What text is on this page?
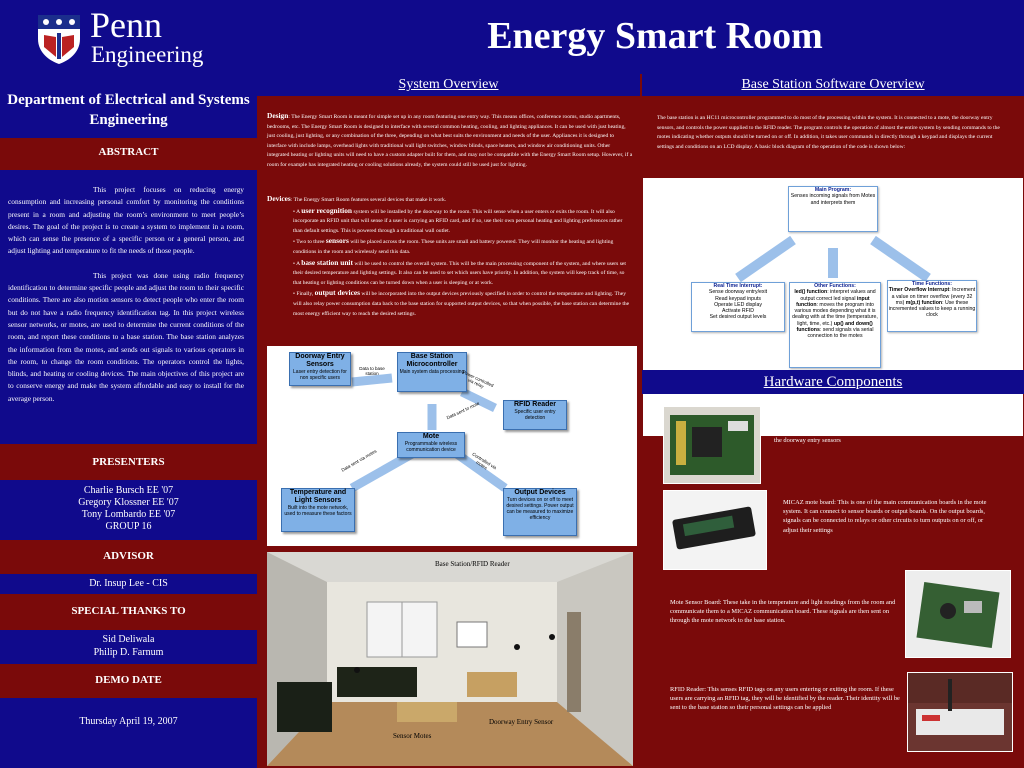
Penn
Engineering	Energy Smart Room
Department of Electrical and Systems Engineering
ABSTRACT

This project focuses on reducing energy consumption and increasing personal comfort by monitoring the conditions present in a room and adjusting the room’s environment to meet people’s desires. The goal of the project is to create a system to implement in a room, which can sense the presence of a specific person or a general person, and adjust lighting and temperature to fit the needs of those people.

This project was done using radio frequency identification to determine specific people and adjust the room to their specific conditions. There are also motion sensors to detect people who enter the room but do not have a radio frequency identification tag. In this project wireless sensor networks, or motes, are used to determine the current conditions of the room, and report these conditions to a base station. The base station analyzes the information from the motes, and sends out signals to various operators in the room, to change the room conditions. The operators control the lights, blinds, and heating or cooling devices. The main objectives of this project are to conserve energy and make the system affordable and easy to install for the average person.

PRESENTERS
Charlie Bursch EE '07
Gregory Klossner EE '07
Tony Lombardo EE '07
GROUP 16
ADVISOR
Dr. Insup Lee - CIS
SPECIAL THANKS TO
Sid Deliwala
Philip D. Farnum
DEMO DATE
Thursday April 19, 2007
System Overview
Design: The Energy Smart Room is meant for simple set up in any room featuring one entry way. This means offices, conference rooms, studio apartments, bedrooms, etc. The Energy Smart Room is designed to interface with several common heating, cooling, and lighting appliances. It can be used with just heating, just cooling, just lighting, or any combination of the three, depending on what best suits the environment and needs of the user. Appliances it is designed to interface with include lamps, overhead lights with traditional wall light switches, window blinds, space heaters, and window air conditioning units. Other integrated heating or lighting units will need to have a custom adapter built for them, and may not be compatible with the Energy Smart Room setup. However, if a room for example has integrated heating or cooling solutions already, the system could still be used just for lighting.
Devices: The Energy Smart Room features several devices that make it work.

• A user recognition system will be installed by the doorway to the room. This will sense when a user enters or exits the room. It will also incorporate an RFID unit that will sense if a user is carrying an RFID card, and if so, use their own personal heating and lighting preferences rather than default settings. This is powered through a traditional wall outlet.

• Two to three sensors will be placed across the room. These units are small and battery powered. They will monitor the heating and lighting conditions in the room and wirelessly send this data.

• A base station unit will be used to control the overall system. This will be the main processing component of the system, and where users set their desired temperature and lighting settings. It also can be used to set which users have priority. In addition, the system will keep track of time, so that heating or lighting conditions can be turned down when a user is sleeping or at work.

• Finally, output devices will be incorporated into the output devices previously specified in order to control the temperature and lighting. They will also relay power consumption data back to the base station for supported output devices, so that when possible, the base station can determine the most energy efficient way to reach the desired settings.

Doorway Entry Sensors
Laser entry detection for non specific users
Data to base station
Base Station Microcontroller
Main system data processing
Power controlled via relay
RFID Reader
Specific user entry detection
Data sent to mote
Mote
Programmable wireless communication device
Data sent via motes	Controlled via motes
Temperature and Light Sensors
Built into the mote network, used to measure these factors
Output Devices
Turn devices on or off to meet desired settings. Power output can be measured to maximize efficiency
Base Station/RFID Reader
Doorway Entry Sensor
Sensor Motes
Base Station Software Overview
The base station is an HC11 microcontroller programmed to do most of the processing within the system. It is connected to a mote, the doorway entry sensors, and controls the power supplied to the RFID reader. The program controls the operation of almost the entire system by sending commands to the motes indicating whether outputs should be turned on or off. In addition, it takes user commands in directly through a keypad and displays the current settings and conditions on an LCD display. A basic block diagram of the operation of the code is shown below:
Main Program:
Senses incoming signals from Motes and interprets them
Real Time Interrupt:
Sense doorway entry/exit
Read keypad inputs
Operate LED display
Activate RFID
Set desired output levels
Other Functions:
led() function: interpret values and output correct led signal input function: moves the program into various modes depending what it is dealing with at the time (temperature, light, time, etc.) up() and down() functions: send signals via serial connection to the motes
Time Functions:
Timer Overflow Interrupt: Increment a value on timer overflow (every 32 ms) m(p,t) function: Use these incremented values to keep a running clock
Hardware Components
The HC11 microcontroller: This is the base station of the system, and provides the main processing power. It is connected to the motes, the power supply for the RFID reader, and the doorway entry sensors
MICAZ mote board: This is one of the main communication boards in the mote system. It can connect to sensor boards or output boards. On the output boards, signals can be connected to relays or other circuits to turn outputs on or off, or adjust their settings
Mote Sensor Board: These take in the temperature and light readings from the room and communicate them to a MICAZ communication board. These signals are then sent on through the mote network to the base station.
RFID Reader: This senses RFID tags on any users entering or exiting the room. If these users are carrying an RFID tag, they will be identified by the reader. Their identity will be sent to the base station so their personal settings can be applied
